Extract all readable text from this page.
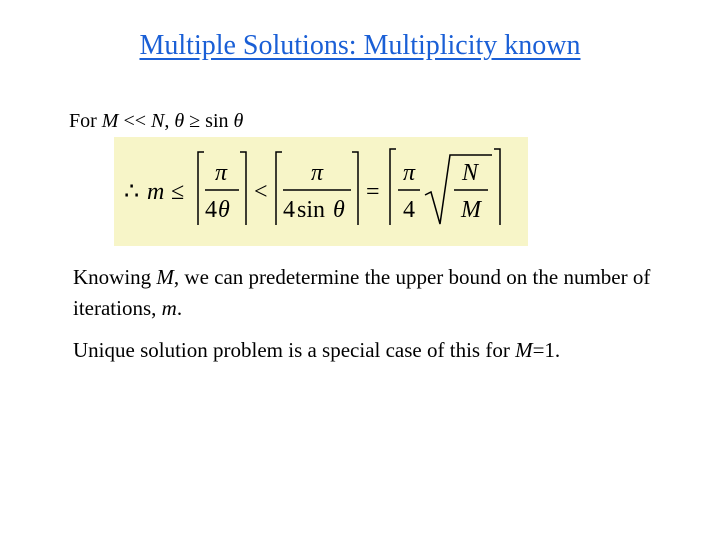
Multiple Solutions: Multiplicity known
For M << N, θ ≥ sin θ
∴ m ≤
π
4 θ
<
π
4 sin θ
=
π
4
N
M
Knowing M, we can predetermine the upper bound on the number of iterations, m.
Unique solution problem is a special case of this for M=1.
